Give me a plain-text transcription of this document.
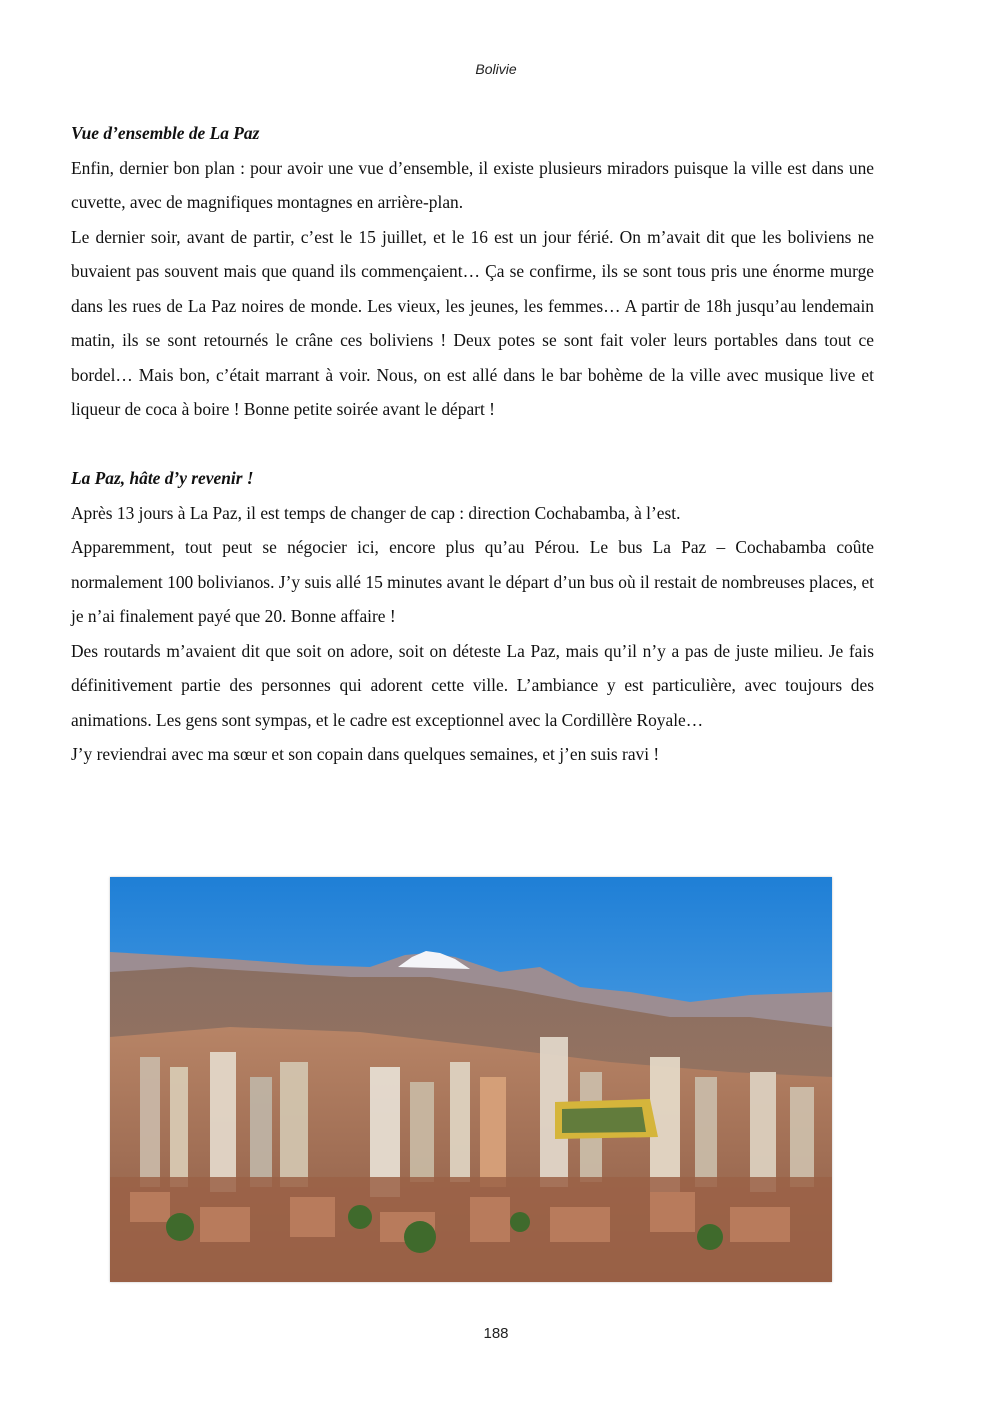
Bolivie
Vue d’ensemble de La Paz

Enfin, dernier bon plan : pour avoir une vue d’ensemble, il existe plusieurs miradors puisque la ville est dans une cuvette, avec de magnifiques montagnes en arrière-plan.

Le dernier soir, avant de partir, c’est le 15 juillet, et le 16 est un jour férié. On m’avait dit que les boliviens ne buvaient pas souvent mais que quand ils commençaient… Ça se confirme, ils se sont tous pris une énorme murge dans les rues de La Paz noires de monde. Les vieux, les jeunes, les femmes… A partir de 18h jusqu’au lendemain matin, ils se sont retournés le crâne ces boliviens ! Deux potes se sont fait voler leurs portables dans tout ce bordel… Mais bon, c’était marrant à voir. Nous, on est allé dans le bar bohème de la ville avec musique live et liqueur de coca à boire ! Bonne petite soirée avant le départ !

La Paz, hâte d’y revenir !

Après 13 jours à La Paz, il est temps de changer de cap : direction Cochabamba, à l’est.

Apparemment, tout peut se négocier ici, encore plus qu’au Pérou. Le bus La Paz – Cochabamba coûte normalement 100 bolivianos. J’y suis allé 15 minutes avant le départ d’un bus où il restait de nombreuses places, et je n’ai finalement payé que 20. Bonne affaire !

Des routards m’avaient dit que soit on adore, soit on déteste La Paz, mais qu’il n’y a pas de juste milieu. Je fais définitivement partie des personnes qui adorent cette ville. L’ambiance y est particulière, avec toujours des animations. Les gens sont sympas, et le cadre est exceptionnel avec la Cordillère Royale…

J’y reviendrai avec ma sœur et son copain dans quelques semaines, et j’en suis ravi !

188
